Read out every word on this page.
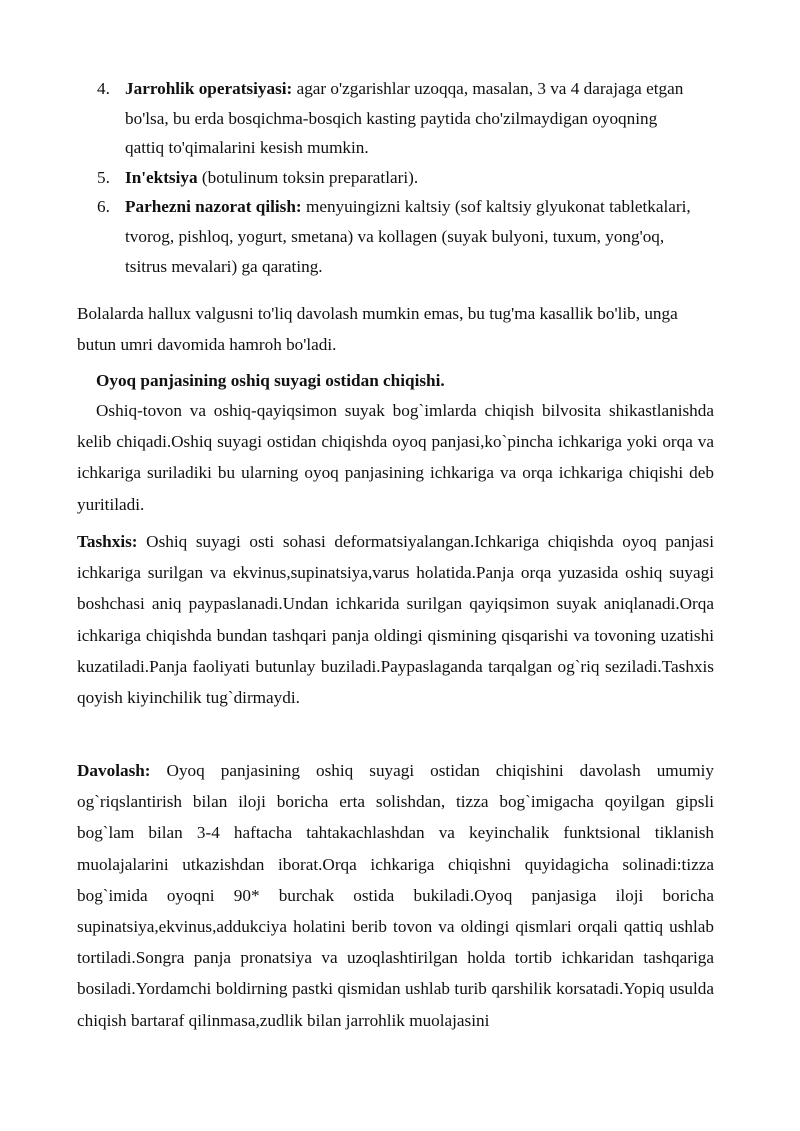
4. Jarrohlik operatsiyasi: agar o'zgarishlar uzoqqa, masalan, 3 va 4 darajaga etgan bo'lsa, bu erda bosqichma-bosqich kasting paytida cho'zilmaydigan oyoqning qattiq to'qimalarini kesish mumkin.
5. In'ektsiya (botulinum toksin preparatlari).
6. Parhezni nazorat qilish: menyuingizni kaltsiy (sof kaltsiy glyukonat tabletkalari, tvorog, pishloq, yogurt, smetana) va kollagen (suyak bulyoni, tuxum, yong'oq, tsitrus mevalari) ga qarating.

Bolalarda hallux valgusni to'liq davolash mumkin emas, bu tug'ma kasallik bo'lib, unga butun umri davomida hamroh bo'ladi.

Oyoq panjasining oshiq suyagi ostidan chiqishi.

Oshiq-tovon va oshiq-qayiqsimon suyak bog`imlarda chiqish bilvosita shikastlanishda kelib chiqadi.Oshiq suyagi ostidan chiqishda oyoq panjasi,ko`pincha ichkariga yoki orqa va ichkariga suriladiki bu ularning oyoq panjasining ichkariga va orqa ichkariga chiqishi deb yuritiladi.

Tashxis: Oshiq suyagi osti sohasi deformatsiyalangan.Ichkariga chiqishda oyoq panjasi ichkariga surilgan va ekvinus,supinatsiya,varus holatida.Panja orqa yuzasida oshiq suyagi boshchasi aniq paypaslanadi.Undan ichkarida surilgan qayiqsimon suyak aniqlanadi.Orqa ichkariga chiqishda bundan tashqari panja oldingi qismining qisqarishi va tovoning uzatishi kuzatiladi.Panja faoliyati butunlay buziladi.Paypaslaganda tarqalgan og`riq seziladi.Tashxis qoyish kiyinchilik tug`dirmaydi.

Davolash: Oyoq panjasining oshiq suyagi ostidan chiqishini davolash umumiy og`riqslantirish bilan iloji boricha erta solishdan, tizza bog`imigacha qoyilgan gipsli bog`lam bilan 3-4 haftacha tahtakachlashdan va keyinchalik funktsional tiklanish muolajalarini utkazishdan iborat.Orqa ichkariga chiqishni quyidagicha solinadi:tizza bog`imida oyoqni 90* burchak ostida bukiladi.Oyoq panjasiga iloji boricha supinatsiya,ekvinus,addukciya holatini berib tovon va oldingi qismlari orqali qattiq ushlab tortiladi.Songra panja pronatsiya va uzoqlashtirilgan holda tortib ichkaridan tashqariga bosiladi.Yordamchi boldirning pastki qismidan ushlab turib qarshilik korsatadi.Yopiq usulda chiqish bartaraf qilinmasa,zudlik bilan jarrohlik muolajasini
